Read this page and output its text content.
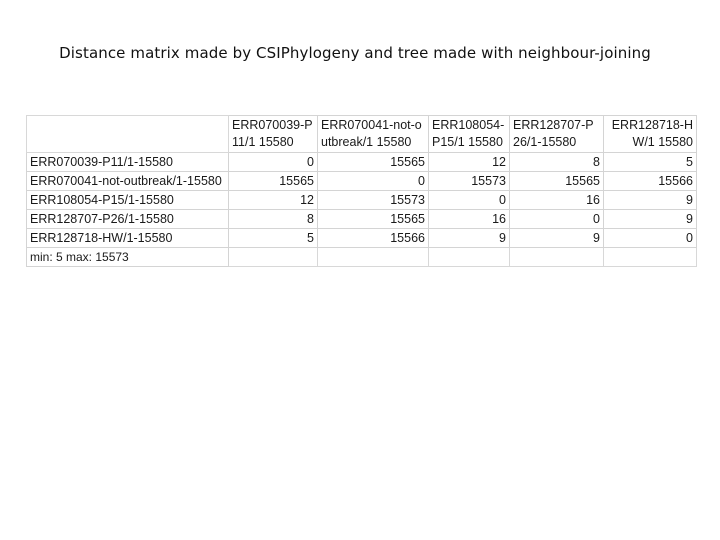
Distance matrix made by CSIPhylogeny and tree made with neighbour-joining
	ERR070039-P11/1 15580	ERR070041-not-outbreak/1 15580	ERR108054-P15/1 15580	ERR128707-P26/1-15580	ERR128718-HW/1 15580
ERR070039-P11/1-15580	0	15565	12	8	5
ERR070041-not-outbreak/1-15580	15565	0	15573	15565	15566
ERR108054-P15/1-15580	12	15573	0	16	9
ERR128707-P26/1-15580	8	15565	16	0	9
ERR128718-HW/1-15580	5	15566	9	9	0
min: 5 max: 15573					
